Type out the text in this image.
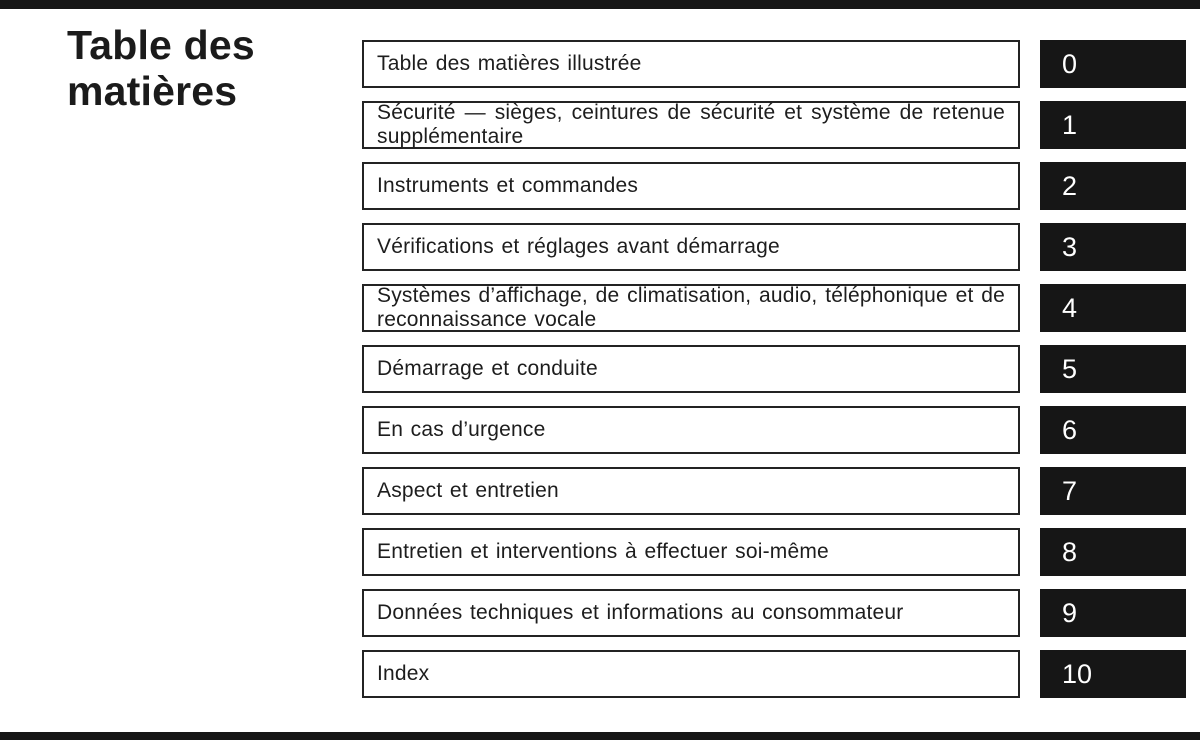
Table des
matières
Table des matières illustrée	0
Sécurité — sièges, ceintures de sécurité et système de retenue supplémentaire	1
Instruments et commandes	2
Vérifications et réglages avant démarrage	3
Systèmes d’affichage, de climatisation, audio, téléphonique et de reconnaissance vocale	4
Démarrage et conduite	5
En cas d’urgence	6
Aspect et entretien	7
Entretien et interventions à effectuer soi-même	8
Données techniques et informations au consommateur	9
Index	10
